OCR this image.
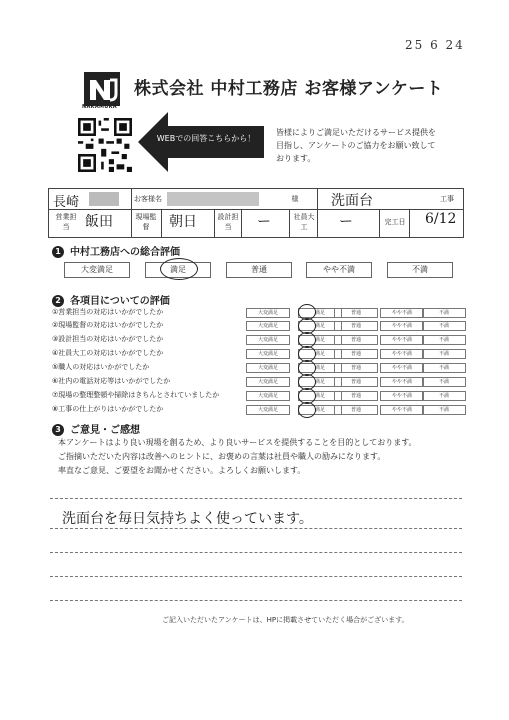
25 6 24
NAKAMURA
株式会社 中村工務店 お客様アンケート
WEBでの回答こちらから！
皆様によりご満足いただけるサービス提供を
目指し、アンケートのご協力をお願い致して
おります。
長崎	お客様名	様	洗面台	工事
営業担当	飯田	現場監督	朝日	設計担当	ー	社員大工	ー	完工日	6/12
1 中村工務店への総合評価
大変満足	満足	普通	やや不満	不満
2 各項目についての評価
①営業担当の対応はいかがでしたか	大変満足	満足	普通	やや不満	不満
②現場監督の対応はいかがでしたか	大変満足	満足	普通	やや不満	不満
③設計担当の対応はいかがでしたか	大変満足	満足	普通	やや不満	不満
④社員大工の対応はいかがでしたか	大変満足	満足	普通	やや不満	不満
⑤職人の対応はいかがでしたか	大変満足	満足	普通	やや不満	不満
⑥社内の電話対応等はいかがでしたか	大変満足	満足	普通	やや不満	不満
⑦現場の整理整頓や掃除はきちんとされていましたか	大変満足	満足	普通	やや不満	不満
⑧工事の仕上がりはいかがでしたか	大変満足	満足	普通	やや不満	不満
3 ご意見・ご感想
本アンケートはより良い現場を創るため、より良いサービスを提供することを目的としております。
ご指摘いただいた内容は改善へのヒントに、お褒めの言葉は社員や職人の励みになります。
率直なご意見、ご要望をお聞かせください。よろしくお願いします。
洗面台を毎日気持ちよく使っています。
ご記入いただいたアンケートは、HPに掲載させていただく場合がございます。
